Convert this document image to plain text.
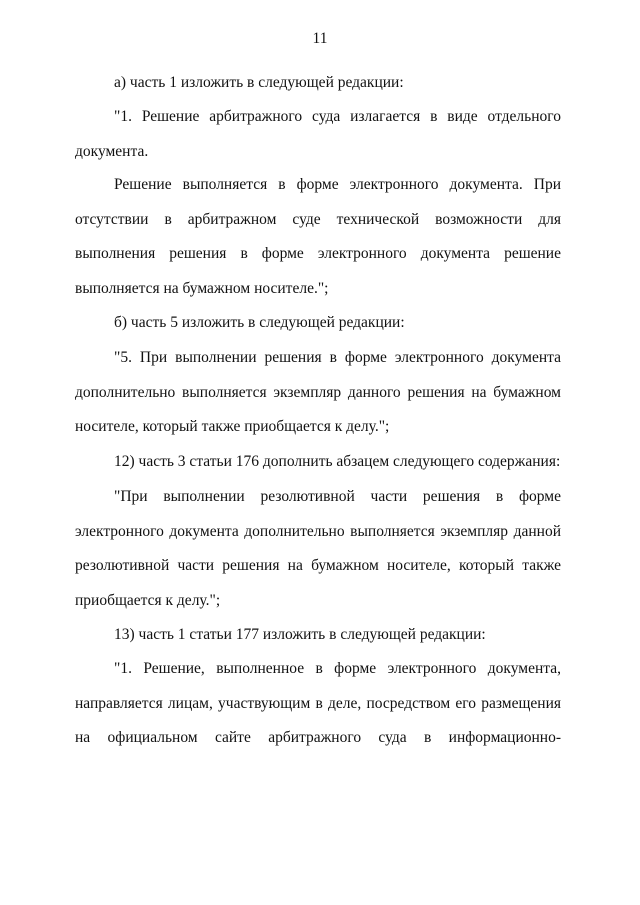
11

а) часть 1 изложить в следующей редакции:

"1. Решение арбитражного суда излагается в виде отдельного документа.

Решение выполняется в форме электронного документа. При отсутствии в арбитражном суде технической возможности для выполнения решения в форме электронного документа решение выполняется на бумажном носителе.";

б) часть 5 изложить в следующей редакции:

"5. При выполнении решения в форме электронного документа дополнительно выполняется экземпляр данного решения на бумажном носителе, который также приобщается к делу.";

12) часть 3 статьи 176 дополнить абзацем следующего содержания:

"При выполнении резолютивной части решения в форме электронного документа дополнительно выполняется экземпляр данной резолютивной части решения на бумажном носителе, который также приобщается к делу.";

13) часть 1 статьи 177 изложить в следующей редакции:

"1. Решение, выполненное в форме электронного документа, направляется лицам, участвующим в деле, посредством его размещения на официальном сайте арбитражного суда в информационно-
